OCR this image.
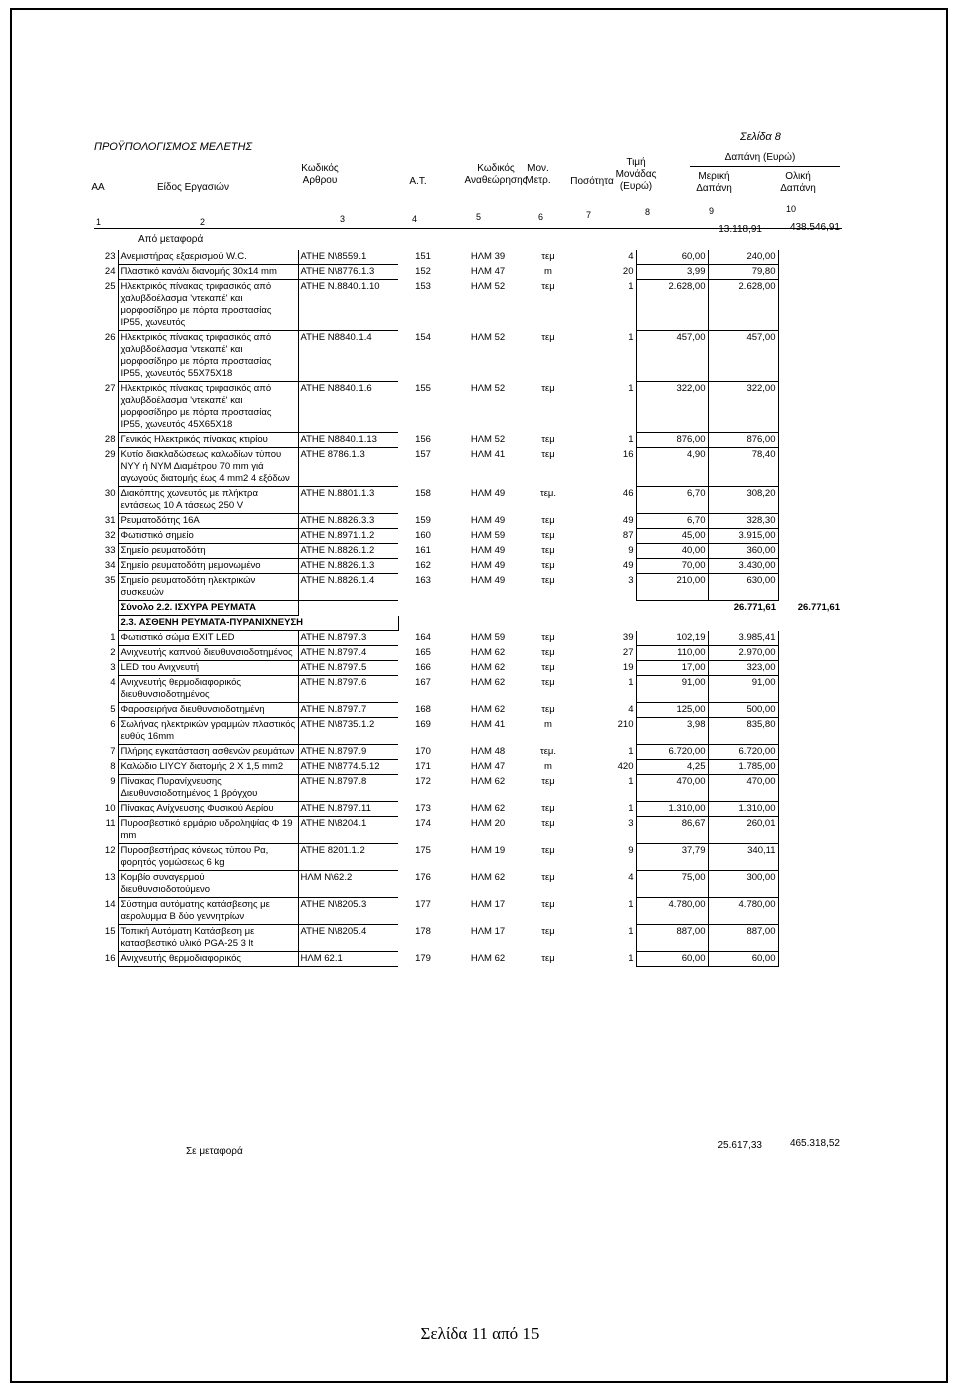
Σελίδα 8
ΠΡΟΫΠΟΛΟΓΙΣΜΟΣ ΜΕΛΕΤΗΣ
ΑΑ	Είδος Εργασιών
Κωδικός Αρθρου	Α.Τ.
Κωδικός Αναθεώρησης
Μον. Μετρ.	Ποσότητα
Τιμή Μονάδας (Ευρώ)
Δαπάνη (Ευρώ)
Μερική Δαπάνη
Ολική Δαπάνη
1	2	3	4	5	6	7	8	9	10
Από μεταφορά
13.118,91	438.546,91
23	Ανεμιστήρας εξαερισμού W.C.	ΑΤΗΕ Ν\8559.1	151	ΗΛΜ 39	τεμ	4	60,00	240,00	
24	Πλαστικό κανάλι διανομής 30x14 mm	ΑΤΗΕ Ν\8776.1.3	152	ΗΛΜ 47	m	20	3,99	79,80	
25	Ηλεκτρικός πίνακας τριφασικός από χαλυβδοέλασμα 'ντεκαπέ' και μορφοσίδηρο με πόρτα προστασίας IP55, χωνευτός	ΑΤΗΕ Ν.8840.1.10	153	ΗΛΜ 52	τεμ	1	2.628,00	2.628,00	
26	Ηλεκτρικός πίνακας τριφασικός από χαλυβδοέλασμα 'ντεκαπέ' και μορφοσίδηρο με πόρτα προστασίας IP55, χωνευτός 55X75X18	ΑΤΗΕ Ν8840.1.4	154	ΗΛΜ 52	τεμ	1	457,00	457,00	
27	Ηλεκτρικός πίνακας τριφασικός από χαλυβδοέλασμα 'ντεκαπέ' και μορφοσίδηρο με πόρτα προστασίας IP55, χωνευτός 45X65X18	ΑΤΗΕ Ν8840.1.6	155	ΗΛΜ 52	τεμ	1	322,00	322,00	
28	Γενικός Ηλεκτρικός πίνακας κτιρίου	ΑΤΗΕ Ν8840.1.13	156	ΗΛΜ 52	τεμ	1	876,00	876,00	
29	Κυτίο διακλαδώσεως καλωδίων τύπου ΝΥΥ ή ΝΥΜ Διαμέτρου 70 mm γιά αγωγούς διατομής έως 4 mm2 4 εξόδων	ΑΤΗΕ 8786.1.3	157	ΗΛΜ 41	τεμ	16	4,90	78,40	
30	Διακόπτης χωνευτός με πλήκτρα εντάσεως 10 Α τάσεως 250 V	ΑΤΗΕ Ν.8801.1.3	158	ΗΛΜ 49	τεμ.	46	6,70	308,20	
31	Ρευματοδότης 16Α	ΑΤΗΕ Ν.8826.3.3	159	ΗΛΜ 49	τεμ	49	6,70	328,30	
32	Φωτιστικό σημείο	ΑΤΗΕ Ν.8971.1.2	160	ΗΛΜ 59	τεμ	87	45,00	3.915,00	
33	Σημείο ρευματοδότη	ΑΤΗΕ Ν.8826.1.2	161	ΗΛΜ 49	τεμ	9	40,00	360,00	
34	Σημείο ρευματοδότη μεμονωμένο	ΑΤΗΕ Ν.8826.1.3	162	ΗΛΜ 49	τεμ	49	70,00	3.430,00	
35	Σημείο ρευματοδότη ηλεκτρικών συσκευών	ΑΤΗΕ Ν.8826.1.4	163	ΗΛΜ 49	τεμ	3	210,00	630,00	
	Σύνολο 2.2. ΙΣΧΥΡΑ ΡΕΥΜΑΤΑ							26.771,61	26.771,61
	2.3. ΑΣΘΕΝΗ ΡΕΥΜΑΤΑ-ΠΥΡΑΝΙΧΝΕΥΣΗ								
1	Φωτιστικό σώμα EXIT LED	ΑΤΗΕ Ν.8797.3	164	ΗΛΜ 59	τεμ	39	102,19	3.985,41	
2	Ανιχνευτής καπνού διευθυνσιοδοτημένος	ΑΤΗΕ Ν.8797.4	165	ΗΛΜ 62	τεμ	27	110,00	2.970,00	
3	LED του Ανιχνευτή	ΑΤΗΕ Ν.8797.5	166	ΗΛΜ 62	τεμ	19	17,00	323,00	
4	Ανιχνευτής θερμοδιαφορικός διευθυνσιοδοτημένος	ΑΤΗΕ Ν.8797.6	167	ΗΛΜ 62	τεμ	1	91,00	91,00	
5	Φαροσειρήνα διευθυνσιοδοτημένη	ΑΤΗΕ Ν.8797.7	168	ΗΛΜ 62	τεμ	4	125,00	500,00	
6	Σωλήνας ηλεκτρικών γραμμών πλαστικός ευθύς 16mm	ΑΤΗΕ Ν\8735.1.2	169	ΗΛΜ 41	m	210	3,98	835,80	
7	Πλήρης εγκατάσταση ασθενών ρευμάτων	ΑΤΗΕ Ν.8797.9	170	ΗΛΜ 48	τεμ.	1	6.720,00	6.720,00	
8	Καλώδιο LIYCY διατομής 2 Χ 1,5 mm2	ΑΤΗΕ Ν\8774.5.12	171	ΗΛΜ 47	m	420	4,25	1.785,00	
9	Πίνακας Πυρανίχνευσης Διευθυνσιοδοτημένος 1 βρόγχου	ΑΤΗΕ Ν.8797.8	172	ΗΛΜ 62	τεμ	1	470,00	470,00	
10	Πίνακας Ανίχνευσης Φυσικού Αερίου	ΑΤΗΕ Ν.8797.11	173	ΗΛΜ 62	τεμ	1	1.310,00	1.310,00	
11	Πυροσβεστικό ερμάριο υδροληψίας Φ 19 mm	ΑΤΗΕ Ν\8204.1	174	ΗΛΜ 20	τεμ	3	86,67	260,01	
12	Πυροσβεστήρας κόνεως τύπου Ρα, φορητός γομώσεως 6 kg	ΑΤΗΕ 8201.1.2	175	ΗΛΜ 19	τεμ	9	37,79	340,11	
13	Κομβίο συναγερμού διευθυνσιοδοτούμενο	ΗΛΜ Ν\62.2	176	ΗΛΜ 62	τεμ	4	75,00	300,00	
14	Σύστημα αυτόματης κατάσβεσης με αερολυμμα Β δύο γεννητρίων	ΑΤΗΕ Ν\8205.3	177	ΗΛΜ 17	τεμ	1	4.780,00	4.780,00	
15	Τοπική Αυτόματη Κατάσβεση με κατασβεστικό υλικό PGA-25 3 lt	ΑΤΗΕ Ν\8205.4	178	ΗΛΜ 17	τεμ	1	887,00	887,00	
16	Ανιχνευτής θερμοδιαφορικός	ΗΛΜ 62.1	179	ΗΛΜ 62	τεμ	1	60,00	60,00	
Σε μεταφορά
25.617,33	465.318,52
Σελίδα 11 από 15
